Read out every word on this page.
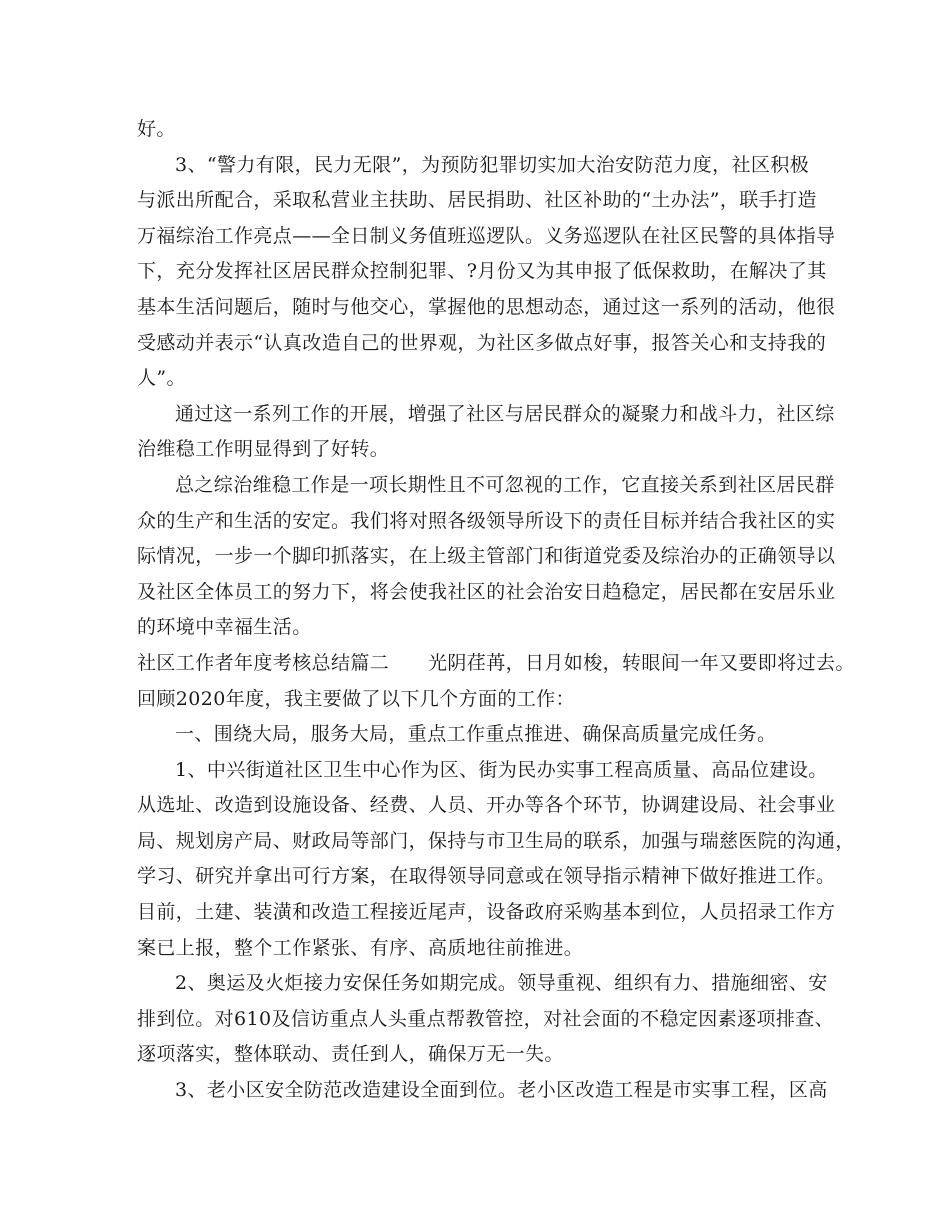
好。
3、“警力有限，民力无限”，为预防犯罪切实加大治安防范力度，社区积极
与派出所配合，采取私营业主扶助、居民捐助、社区补助的“土办法”，联手打造
万福综治工作亮点——全日制义务值班巡逻队。义务巡逻队在社区民警的具体指导
下，充分发挥社区居民群众控制犯罪、?月份又为其申报了低保救助，在解决了其
基本生活问题后，随时与他交心，掌握他的思想动态，通过这一系列的活动，他很
受感动并表示“认真改造自己的世界观，为社区多做点好事，报答关心和支持我的
人”。
通过这一系列工作的开展，增强了社区与居民群众的凝聚力和战斗力，社区综
治维稳工作明显得到了好转。
总之综治维稳工作是一项长期性且不可忽视的工作，它直接关系到社区居民群
众的生产和生活的安定。我们将对照各级领导所设下的责任目标并结合我社区的实
际情况，一步一个脚印抓落实，在上级主管部门和街道党委及综治办的正确领导以
及社区全体员工的努力下，将会使我社区的社会治安日趋稳定，居民都在安居乐业
的环境中幸福生活。
社区工作者年度考核总结篇二　　光阴荏苒，日月如梭，转眼间一年又要即将过去。
回顾2020年度，我主要做了以下几个方面的工作：
一、围绕大局，服务大局，重点工作重点推进、确保高质量完成任务。
1、中兴街道社区卫生中心作为区、街为民办实事工程高质量、高品位建设。
从选址、改造到设施设备、经费、人员、开办等各个环节，协调建设局、社会事业
局、规划房产局、财政局等部门，保持与市卫生局的联系，加强与瑞慈医院的沟通，
学习、研究并拿出可行方案，在取得领导同意或在领导指示精神下做好推进工作。
目前，土建、装潢和改造工程接近尾声，设备政府采购基本到位，人员招录工作方
案已上报，整个工作紧张、有序、高质地往前推进。
2、奥运及火炬接力安保任务如期完成。领导重视、组织有力、措施细密、安
排到位。对610及信访重点人头重点帮教管控，对社会面的不稳定因素逐项排查、
逐项落实，整体联动、责任到人，确保万无一失。
3、老小区安全防范改造建设全面到位。老小区改造工程是市实事工程，区高
